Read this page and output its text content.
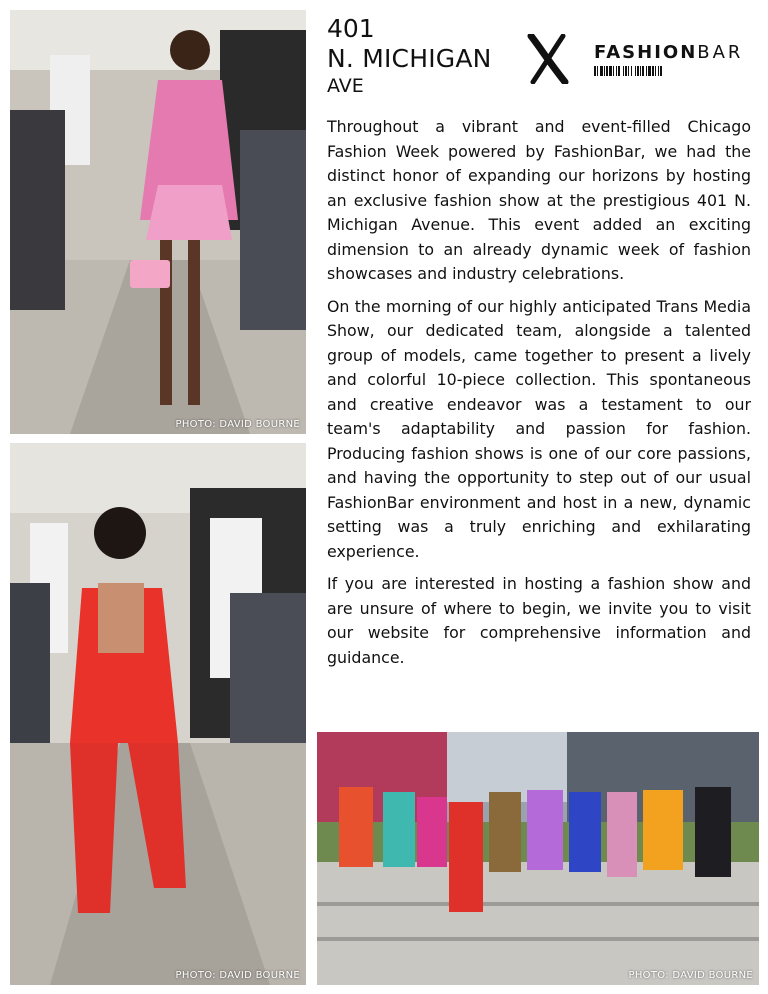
PHOTO: DAVID BOURNE
PHOTO: DAVID BOURNE
401
N. MICHIGAN
AVE
FASHIONBAR

Throughout a vibrant and event-filled Chicago Fashion Week powered by FashionBar, we had the distinct honor of expanding our horizons by hosting an exclusive fashion show at the prestigious 401 N. Michigan Avenue. This event added an exciting dimension to an already dynamic week of fashion showcases and industry celebrations.

On the morning of our highly anticipated Trans Media Show, our dedicated team, alongside a talented group of models, came together to present a lively and colorful 10-piece collection. This spontaneous and creative endeavor was a testament to our team's adaptability and passion for fashion. Producing fashion shows is one of our core passions, and having the opportunity to step out of our usual FashionBar environment and host in a new, dynamic setting was a truly enriching and exhilarating experience.

If you are interested in hosting a fashion show and are unsure of where to begin, we invite you to visit our website for comprehensive information and guidance.

PHOTO: DAVID BOURNE
